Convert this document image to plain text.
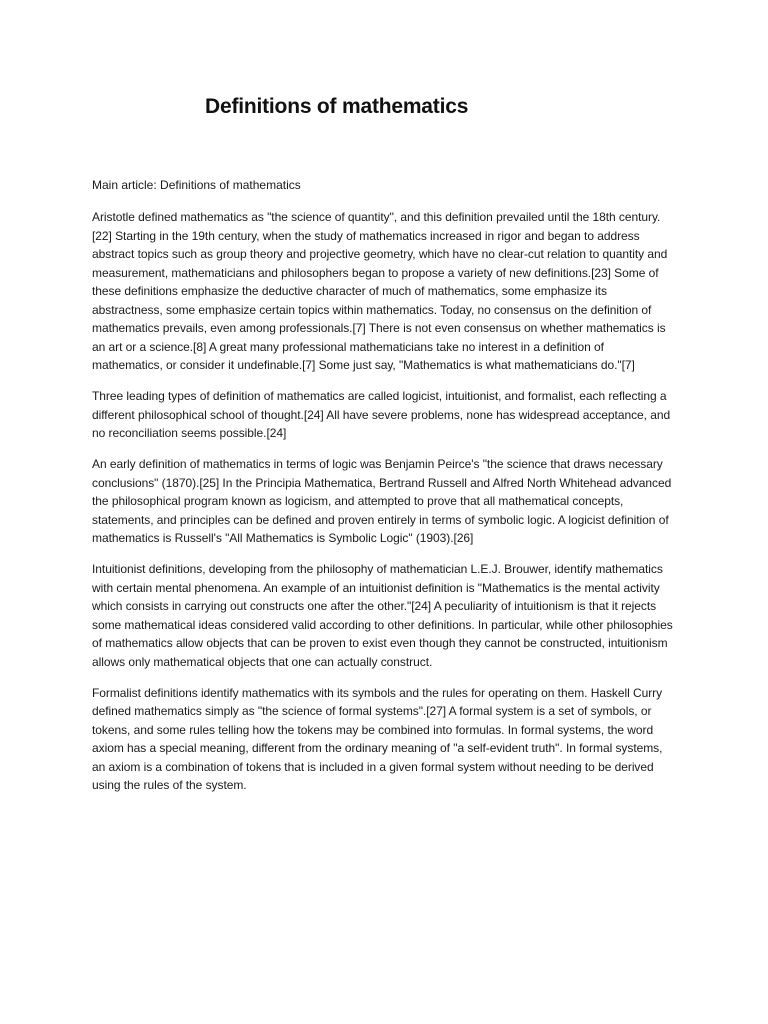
Definitions of mathematics

Main article: Definitions of mathematics

Aristotle defined mathematics as "the science of quantity", and this definition prevailed until the 18th century.[22] Starting in the 19th century, when the study of mathematics increased in rigor and began to address abstract topics such as group theory and projective geometry, which have no clear-cut relation to quantity and measurement, mathematicians and philosophers began to propose a variety of new definitions.[23] Some of these definitions emphasize the deductive character of much of mathematics, some emphasize its abstractness, some emphasize certain topics within mathematics. Today, no consensus on the definition of mathematics prevails, even among professionals.[7] There is not even consensus on whether mathematics is an art or a science.[8] A great many professional mathematicians take no interest in a definition of mathematics, or consider it undefinable.[7] Some just say, "Mathematics is what mathematicians do."[7]

Three leading types of definition of mathematics are called logicist, intuitionist, and formalist, each reflecting a different philosophical school of thought.[24] All have severe problems, none has widespread acceptance, and no reconciliation seems possible.[24]

An early definition of mathematics in terms of logic was Benjamin Peirce's "the science that draws necessary conclusions" (1870).[25] In the Principia Mathematica, Bertrand Russell and Alfred North Whitehead advanced the philosophical program known as logicism, and attempted to prove that all mathematical concepts, statements, and principles can be defined and proven entirely in terms of symbolic logic. A logicist definition of mathematics is Russell's "All Mathematics is Symbolic Logic" (1903).[26]

Intuitionist definitions, developing from the philosophy of mathematician L.E.J. Brouwer, identify mathematics with certain mental phenomena. An example of an intuitionist definition is "Mathematics is the mental activity which consists in carrying out constructs one after the other."[24] A peculiarity of intuitionism is that it rejects some mathematical ideas considered valid according to other definitions. In particular, while other philosophies of mathematics allow objects that can be proven to exist even though they cannot be constructed, intuitionism allows only mathematical objects that one can actually construct.

Formalist definitions identify mathematics with its symbols and the rules for operating on them. Haskell Curry defined mathematics simply as "the science of formal systems".[27] A formal system is a set of symbols, or tokens, and some rules telling how the tokens may be combined into formulas. In formal systems, the word axiom has a special meaning, different from the ordinary meaning of "a self-evident truth". In formal systems, an axiom is a combination of tokens that is included in a given formal system without needing to be derived using the rules of the system.
